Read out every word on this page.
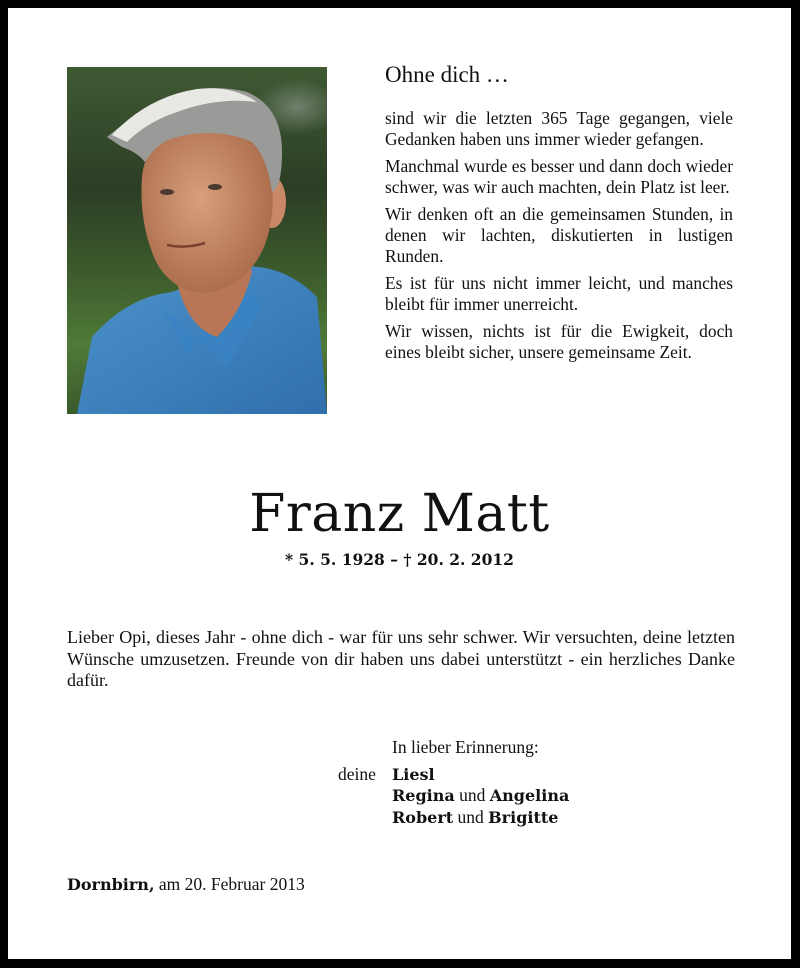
Ohne dich …

sind wir die letzten 365 Tage gegangen, viele Gedanken haben uns immer wieder gefangen.

Manchmal wurde es besser und dann doch wieder schwer, was wir auch machten, dein Platz ist leer.

Wir denken oft an die gemeinsamen Stunden, in denen wir lachten, diskutierten in lustigen Runden.

Es ist für uns nicht immer leicht, und manches bleibt für immer unerreicht.

Wir wissen, nichts ist für die Ewigkeit, doch eines bleibt sicher, unsere gemeinsame Zeit.

Franz Matt
* 5. 5. 1928 – † 20. 2. 2012
Lieber Opi, dieses Jahr - ohne dich - war für uns sehr schwer. Wir versuchten, deine letzten Wünsche umzusetzen. Freunde von dir haben uns dabei unterstützt - ein herzliches Danke dafür.
In lieber Erinnerung:
deine Liesl
Regina und Angelina
Robert und Brigitte
Dornbirn, am 20. Februar 2013
